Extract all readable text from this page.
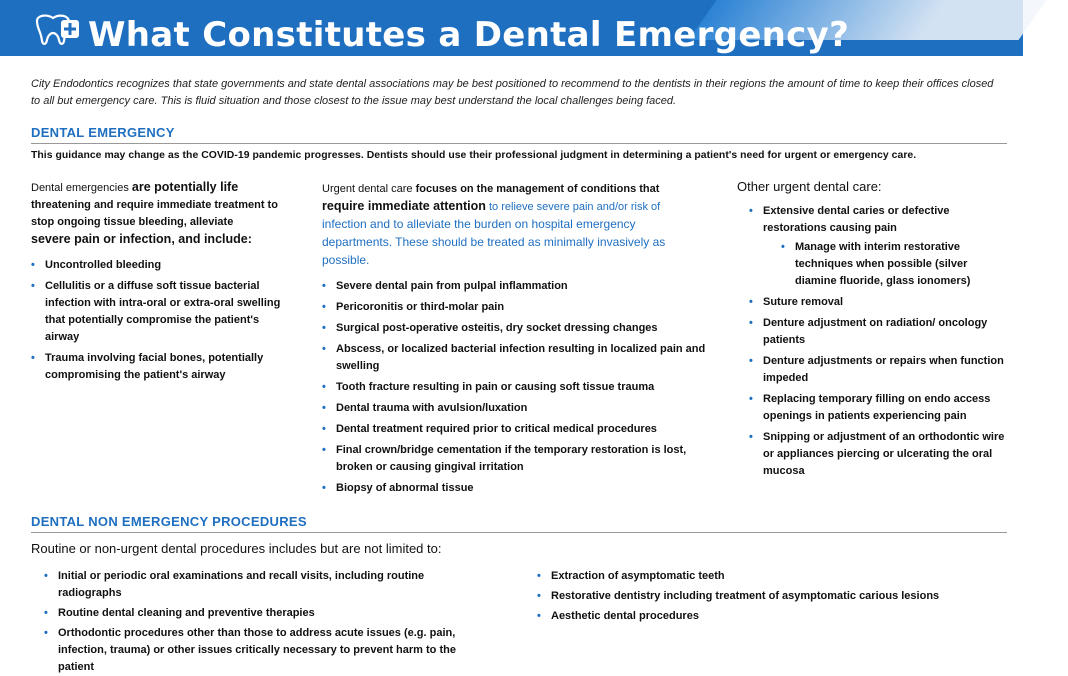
What Constitutes a Dental Emergency?
City Endodontics recognizes that state governments and state dental associations may be best positioned to recommend to the dentists in their regions the amount of time to keep their offices closed to all but emergency care. This is fluid situation and those closest to the issue may best understand the local challenges being faced.
DENTAL EMERGENCY
This guidance may change as the COVID-19 pandemic progresses. Dentists should use their professional judgment in determining a patient's need for urgent or emergency care.

Dental emergencies are potentially life
threatening and require immediate treatment to stop ongoing tissue bleeding, alleviate
severe pain or infection, and include:

• Uncontrolled bleeding
• Cellulitis or a diffuse soft tissue bacterial infection with intra-oral or extra-oral swelling that potentially compromise the patient's airway
• Trauma involving facial bones, potentially compromising the patient's airway

Urgent dental care focuses on the management of conditions that
require immediate attention to relieve severe pain and/or risk of
infection and to alleviate the burden on hospital emergency departments. These should be treated as minimally invasively as possible.

• Severe dental pain from pulpal inflammation
• Pericoronitis or third-molar pain
• Surgical post-operative osteitis, dry socket dressing changes
• Abscess, or localized bacterial infection resulting in localized pain and swelling
• Tooth fracture resulting in pain or causing soft tissue trauma
• Dental trauma with avulsion/luxation
• Dental treatment required prior to critical medical procedures
• Final crown/bridge cementation if the temporary restoration is lost, broken or causing gingival irritation
• Biopsy of abnormal tissue

Other urgent dental care:

• Extensive dental caries or defective restorations causing pain
• Manage with interim restorative techniques when possible (silver diamine fluoride, glass ionomers)
• Suture removal
• Denture adjustment on radiation/ oncology patients
• Denture adjustments or repairs when function impeded
• Replacing temporary filling on endo access openings in patients experiencing pain
• Snipping or adjustment of an orthodontic wire or appliances piercing or ulcerating the oral mucosa
DENTAL NON EMERGENCY PROCEDURES
Routine or non-urgent dental procedures includes but are not limited to:
• Initial or periodic oral examinations and recall visits, including routine radiographs
• Routine dental cleaning and preventive therapies
• Orthodontic procedures other than those to address acute issues (e.g. pain, infection, trauma) or other issues critically necessary to prevent harm to the patient
• Extraction of asymptomatic teeth
• Restorative dentistry including treatment of asymptomatic carious lesions
• Aesthetic dental procedures
